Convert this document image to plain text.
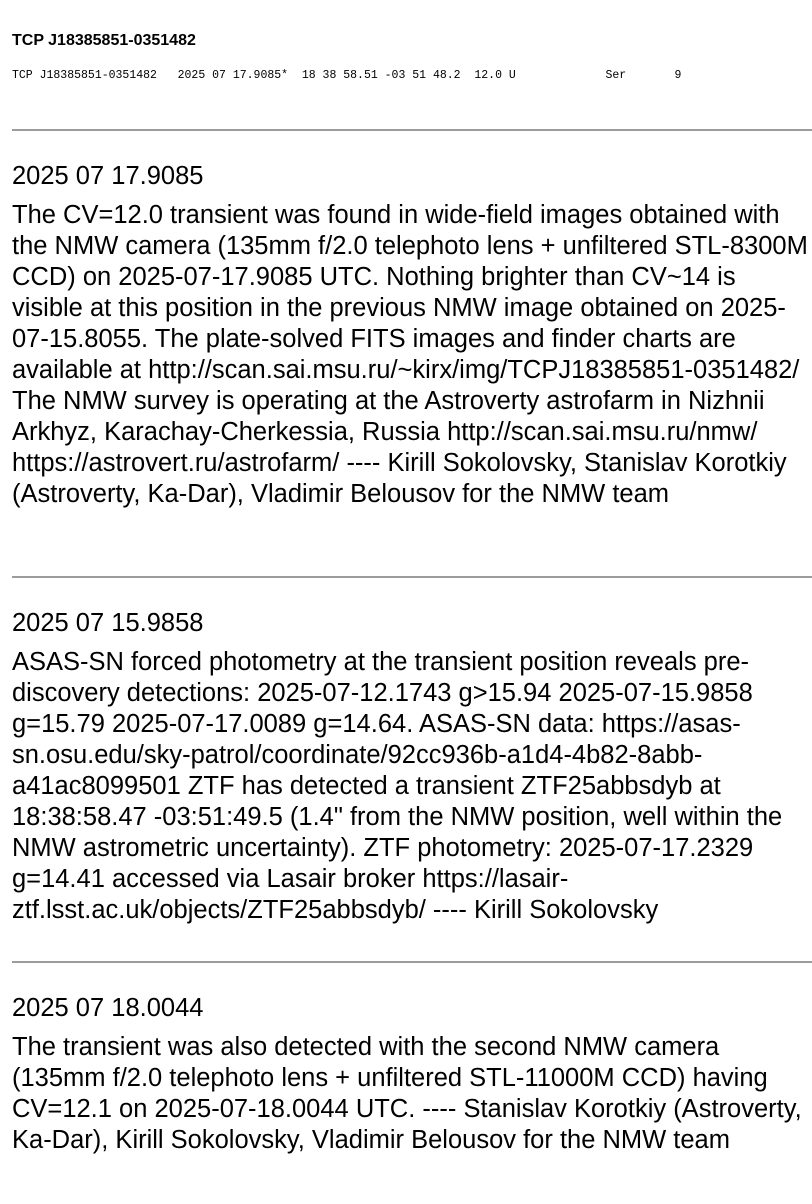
TCP J18385851-0351482
TCP J18385851-0351482   2025 07 17.9085*  18 38 58.51 -03 51 48.2  12.0 U             Ser       9
2025 07 17.9085
The CV=12.0 transient was found in wide-field images obtained with the NMW camera (135mm f/2.0 telephoto lens + unfiltered STL-8300M CCD) on 2025-07-17.9085 UTC. Nothing brighter than CV~14 is visible at this position in the previous NMW image obtained on 2025-07-15.8055. The plate-solved FITS images and finder charts are available at http://scan.sai.msu.ru/~kirx/img/TCPJ18385851-0351482/ The NMW survey is operating at the Astroverty astrofarm in Nizhnii Arkhyz, Karachay-Cherkessia, Russia http://scan.sai.msu.ru/nmw/ https://astrovert.ru/astrofarm/ ---- Kirill Sokolovsky, Stanislav Korotkiy (Astroverty, Ka-Dar), Vladimir Belousov for the NMW team
2025 07 15.9858
ASAS-SN forced photometry at the transient position reveals pre-discovery detections: 2025-07-12.1743 g>15.94 2025-07-15.9858 g=15.79 2025-07-17.0089 g=14.64. ASAS-SN data: https://asas-sn.osu.edu/sky-patrol/coordinate/92cc936b-a1d4-4b82-8abb-a41ac8099501 ZTF has detected a transient ZTF25abbsdyb at 18:38:58.47 -03:51:49.5 (1.4" from the NMW position, well within the NMW astrometric uncertainty). ZTF photometry: 2025-07-17.2329 g=14.41 accessed via Lasair broker https://lasair-ztf.lsst.ac.uk/objects/ZTF25abbsdyb/ ---- Kirill Sokolovsky
2025 07 18.0044
The transient was also detected with the second NMW camera (135mm f/2.0 telephoto lens + unfiltered STL-11000M CCD) having CV=12.1 on 2025-07-18.0044 UTC. ---- Stanislav Korotkiy (Astroverty, Ka-Dar), Kirill Sokolovsky, Vladimir Belousov for the NMW team
